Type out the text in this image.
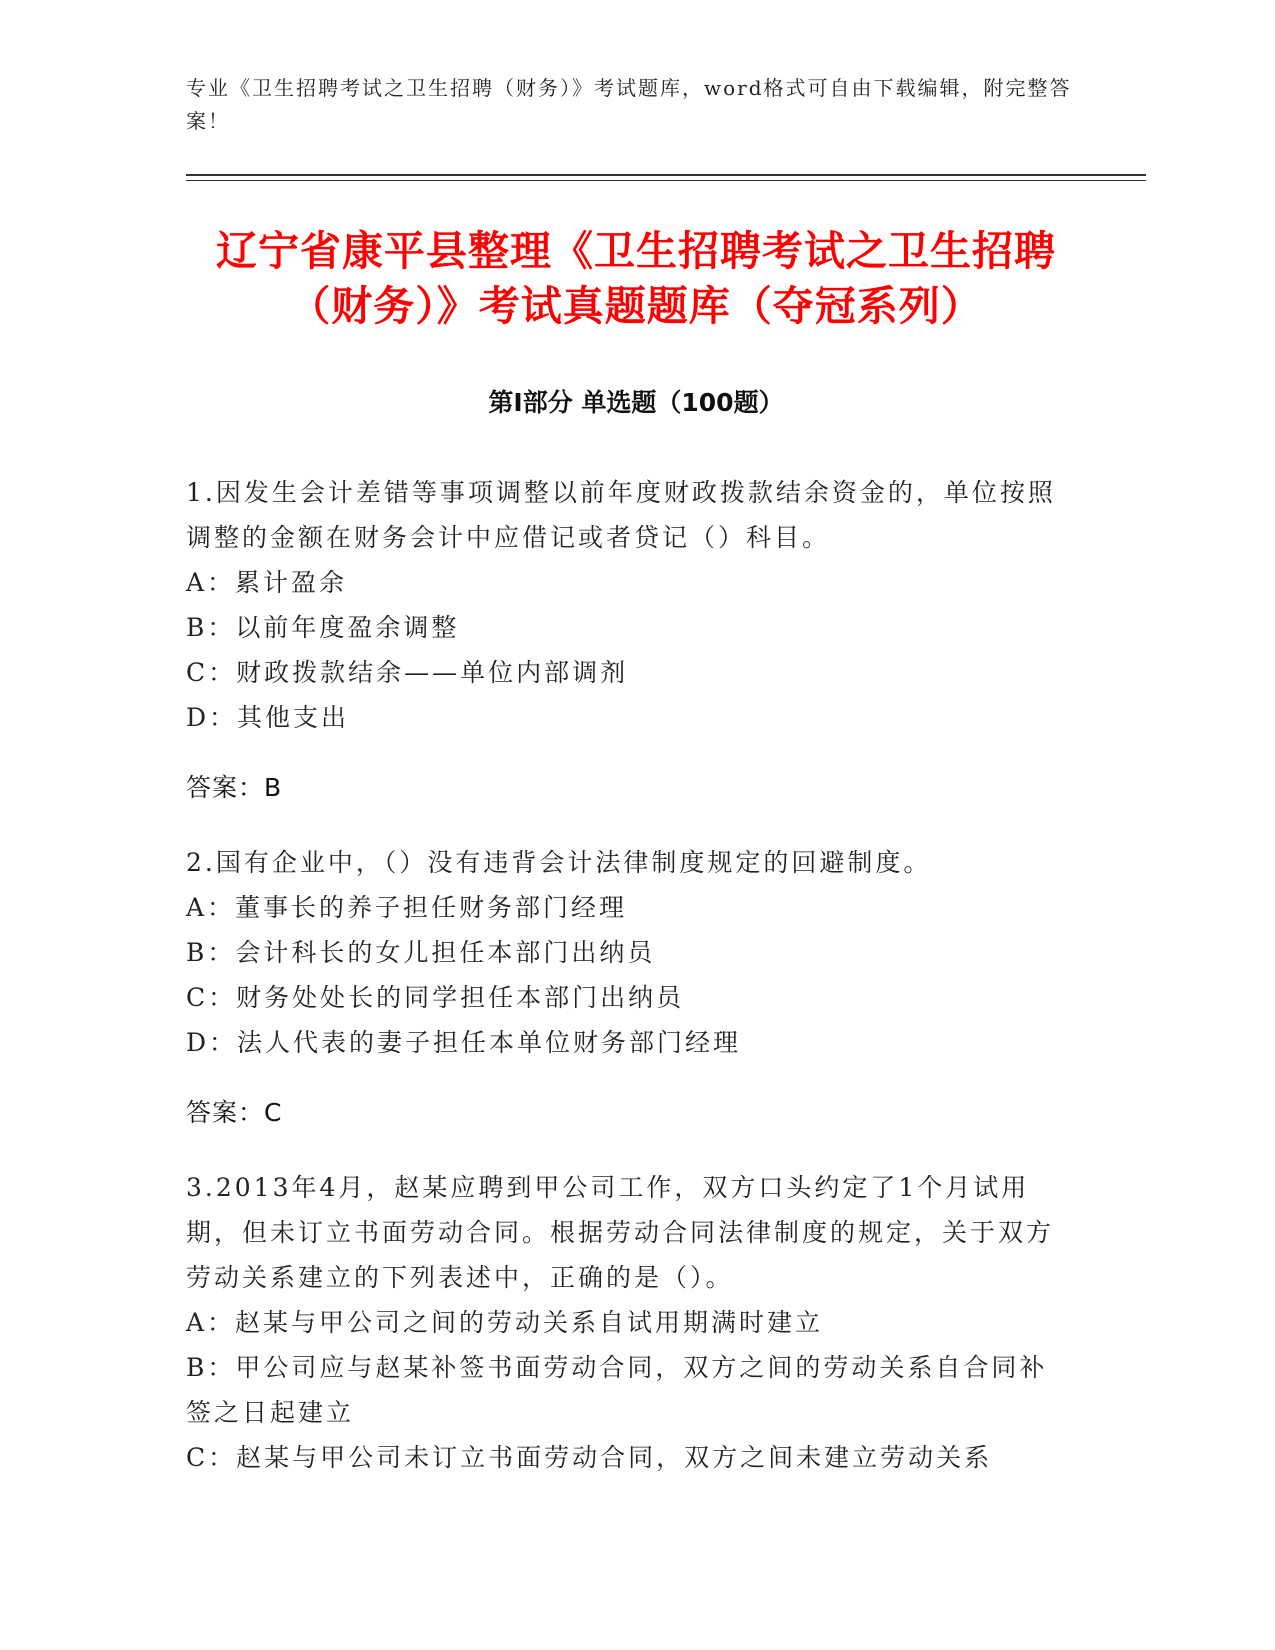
专业《卫生招聘考试之卫生招聘（财务）》考试题库，word格式可自由下载编辑，附完整答案！
辽宁省康平县整理《卫生招聘考试之卫生招聘（财务）》考试真题题库（夺冠系列）
第I部分 单选题（100题）

1.因发生会计差错等事项调整以前年度财政拨款结余资金的，单位按照调整的金额在财务会计中应借记或者贷记（）科目。

A：累计盈余

B：以前年度盈余调整

C：财政拨款结余——单位内部调剂

D：其他支出

答案：B

2.国有企业中，（）没有违背会计法律制度规定的回避制度。

A：董事长的养子担任财务部门经理

B：会计科长的女儿担任本部门出纳员

C：财务处处长的同学担任本部门出纳员

D：法人代表的妻子担任本单位财务部门经理

答案：C

3.2013年4月，赵某应聘到甲公司工作，双方口头约定了1个月试用期，但未订立书面劳动合同。根据劳动合同法律制度的规定，关于双方劳动关系建立的下列表述中，正确的是（）。

A：赵某与甲公司之间的劳动关系自试用期满时建立

B：甲公司应与赵某补签书面劳动合同，双方之间的劳动关系自合同补签之日起建立

C：赵某与甲公司未订立书面劳动合同，双方之间未建立劳动关系
